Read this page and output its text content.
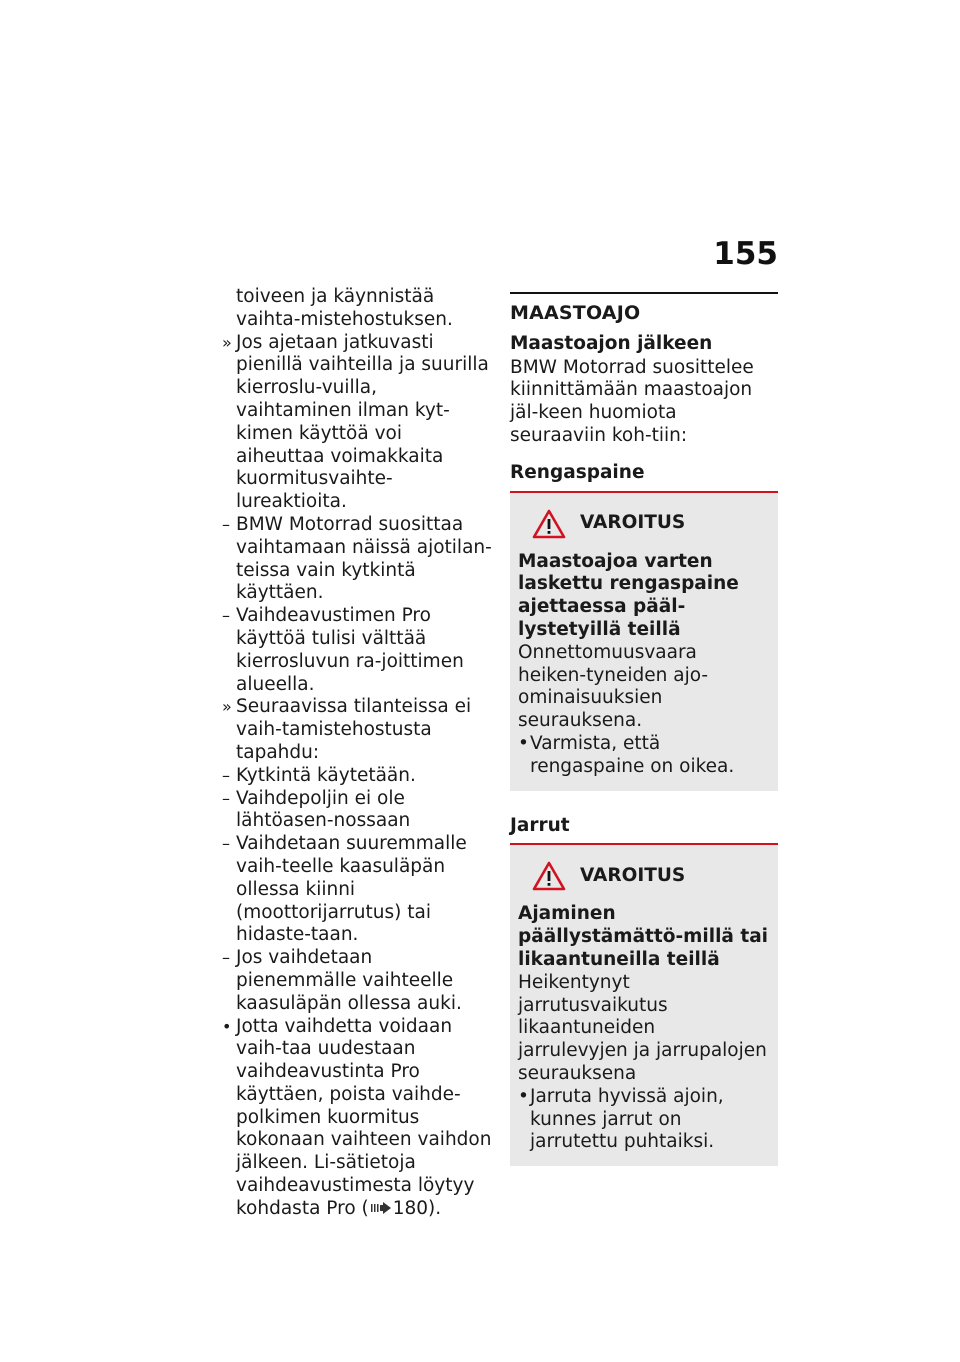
155
toiveen ja käynnistää vaihta-mistehostuksen.
» Jos ajetaan jatkuvasti pienillä vaihteilla ja suurilla kierroslu-vuilla, vaihtaminen ilman kyt-kimen käyttöä voi aiheuttaa voimakkaita kuormitusvaihte-lureaktioita.
– BMW Motorrad suosittaa vaihtamaan näissä ajotilan-teissa vain kytkintä käyttäen.
– Vaihdeavustimen Pro käyttöä tulisi välttää kierrosluvun ra-joittimen alueella.
» Seuraavissa tilanteissa ei vaih-tamistehostusta tapahdu:
– Kytkintä käytetään.
– Vaihdepoljin ei ole lähtöasen-nossaan
– Vaihdetaan suuremmalle vaih-teelle kaasuläpän ollessa kiinni (moottorijarrutus) tai hidaste-taan.
– Jos vaihdetaan pienemmälle vaihteelle kaasuläpän ollessa auki.
• Jotta vaihdetta voidaan vaih-taa uudestaan vaihdeavustinta Pro käyttäen, poista vaihde-polkimen kuormitus kokonaan vaihteen vaihdon jälkeen. Li-sätietoja vaihdeavustimesta löytyy kohdasta Pro ( 180).
MAASTOAJO
Maastoajon jälkeen
BMW Motorrad suosittelee kiinnittämään maastoajon jäl-keen huomiota seuraaviin koh-tiin:
Rengaspaine
VAROITUS
Maastoajoa varten laskettu rengaspaine ajettaessa pääl-lystetyillä teillä
Onnettomuusvaara heiken-tyneiden ajo-ominaisuuksien seurauksena.
• Varmista, että rengaspaine on oikea.
Jarrut
VAROITUS
Ajaminen päällystämättö-millä tai likaantuneilla teillä
Heikentynyt jarrutusvaikutus likaantuneiden jarrulevyjen ja jarrupalojen seurauksena
• Jarruta hyvissä ajoin, kunnes jarrut on jarrutettu puhtaiksi.
